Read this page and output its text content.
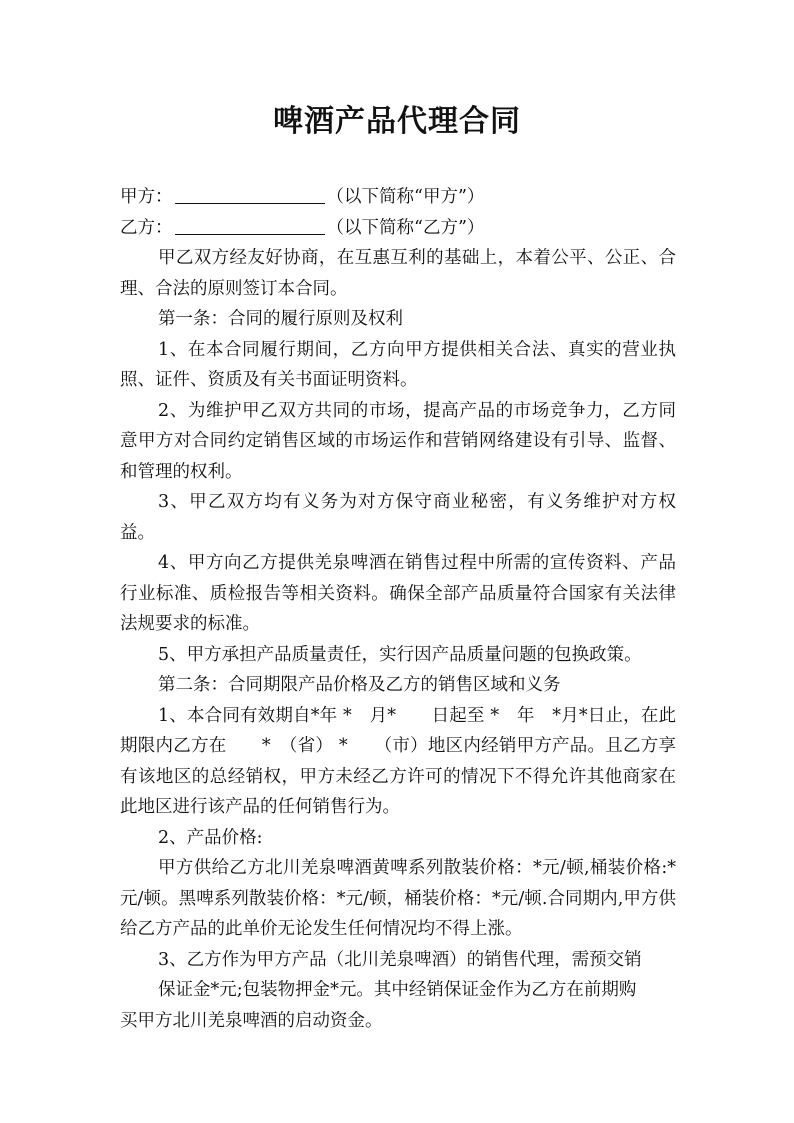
啤酒产品代理合同
甲方：	（以下简称“甲方”）
乙方：	（以下简称“乙方”）

甲乙双方经友好协商，在互惠互利的基础上，本着公平、公正、合理、合法的原则签订本合同。

第一条：合同的履行原则及权利

1、在本合同履行期间，乙方向甲方提供相关合法、真实的营业执照、证件、资质及有关书面证明资料。

2、为维护甲乙双方共同的市场，提高产品的市场竞争力，乙方同意甲方对合同约定销售区域的市场运作和营销网络建设有引导、监督、和管理的权利。

3、甲乙双方均有义务为对方保守商业秘密，有义务维护对方权益。

4、甲方向乙方提供羌泉啤酒在销售过程中所需的宣传资料、产品行业标准、质检报告等相关资料。确保全部产品质量符合国家有关法律法规要求的标准。

5、甲方承担产品质量责任，实行因产品质量问题的包换政策。

第二条：合同期限产品价格及乙方的销售区域和义务

1、本合同有效期自*年 *　月*　　日起至 *　年　*月*日止，在此期限内乙方在　　*　（省） *　　（市）地区内经销甲方产品。且乙方享有该地区的总经销权，甲方未经乙方许可的情况下不得允许其他商家在此地区进行该产品的任何销售行为。

2、产品价格:

甲方供给乙方北川羌泉啤酒黄啤系列散装价格：*元/顿,桶装价格:*元/顿。黑啤系列散装价格：*元/顿，桶装价格：*元/顿.合同期内,甲方供给乙方产品的此单价无论发生任何情况均不得上涨。

3、乙方作为甲方产品（北川羌泉啤酒）的销售代理，需预交销

保证金*元;包装物押金*元。其中经销保证金作为乙方在前期购

买甲方北川羌泉啤酒的启动资金。
